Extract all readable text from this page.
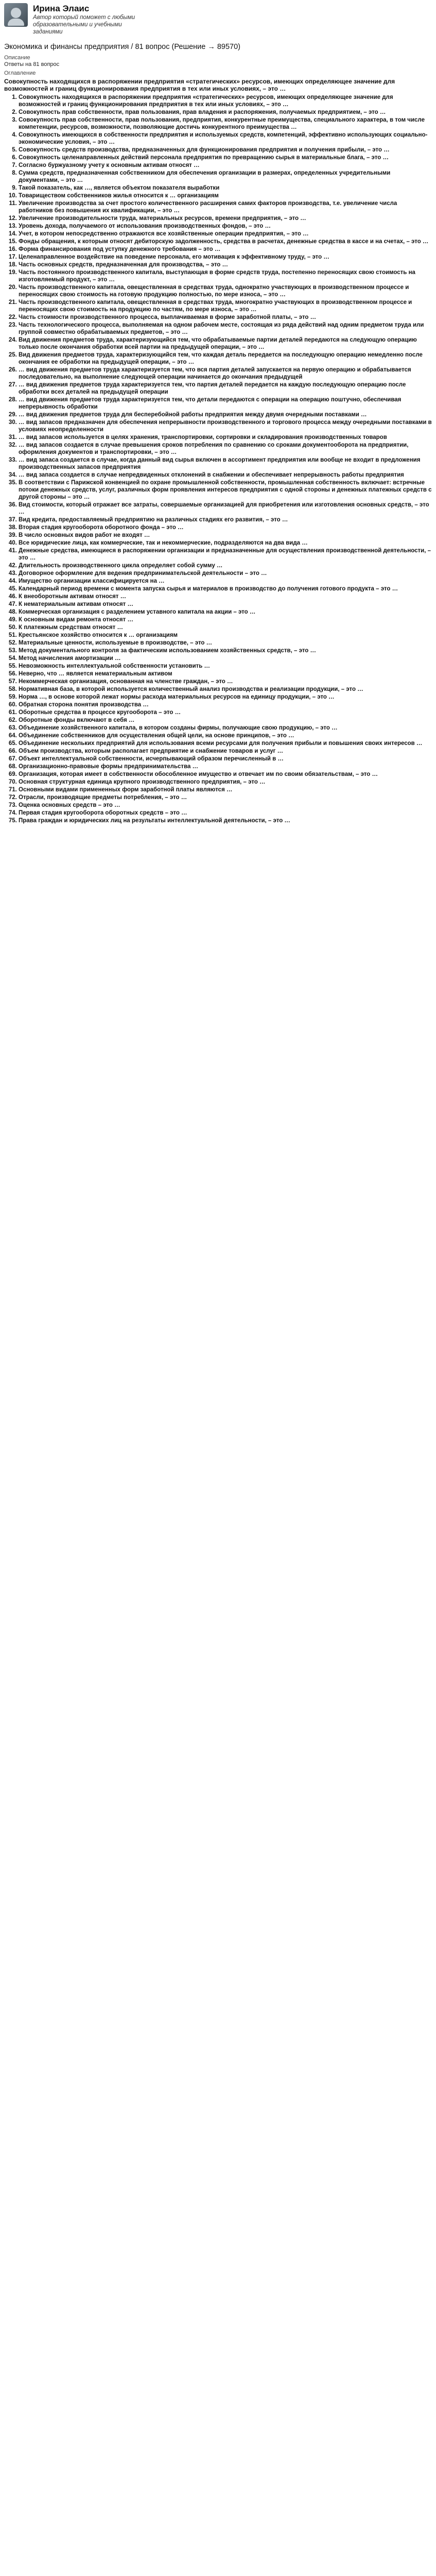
Ирина Элаис
Автор который поможет с любыми образовательными и учебными заданиями
Экономика и финансы предприятия / 81 вопрос (Решение → 89570)
Описание
Ответы на 81 вопрос
Оглавление
Совокупность находящихся в распоряжении предприятия «стратегических» ресурсов, имеющих определяющее значение для возможностей и границ функционирования предприятия в тех или иных условиях, – это …
1. Совокупность находящихся в распоряжении предприятия «стратегических» ресурсов, имеющих определяющее значение для возможностей и границ функционирования предприятия в тех или иных условиях, – это …
2. Совокупность прав собственности, прав пользования, прав владения и распоряжения, получаемых предприятием, – это …
3. Совокупность прав собственности, прав пользования, предприятия, конкурентные преимущества, специального характера, в том числе компетенции, ресурсов, возможности, позволяющие достичь конкурентного преимущества …
4. Совокупность имеющихся в собственности предприятия и используемых средств, компетенций, эффективно использующих социально-экономические условия, – это …
5. Совокупность средств производства, предназначенных для функционирования предприятия и получения прибыли, – это …
6. Совокупность целенаправленных действий персонала предприятия по превращению сырья в материальные блага, – это …
7. Согласно буржуазному учету к основным активам относят …
8. Сумма средств, предназначенная собственником для обеспечения организации в размерах, определенных учредительными документами, – это …
9. Такой показатель, как …, является объектом показателя выработки
10. Товариществом собственников жилья относится к … организациям
11. Увеличение производства за счет простого количественного расширения самих факторов производства, т.е. увеличение числа работников без повышения их квалификации, – это …
12. Увеличение производительности труда, материальных ресурсов, времени предприятия, – это …
13. Уровень дохода, получаемого от использования производственных фондов, – это …
14. Учет, в котором непосредственно отражаются все хозяйственные операции предприятия, – это …
15. Фонды обращения, к которым относят дебиторскую задолженность, средства в расчетах, денежные средства в кассе и на счетах, – это …
16. Форма финансирования под уступку денежного требования – это …
17. Целенаправленное воздействие на поведение персонала, его мотивация к эффективному труду, – это …
18. Часть основных средств, предназначенная для производства, – это …
19. Часть постоянного производственного капитала, выступающая в форме средств труда, постепенно переносящих свою стоимость на изготовляемый продукт, – это …
20. Часть производственного капитала, овеществленная в средствах труда, однократно участвующих в производственном процессе и переносящих свою стоимость на готовую продукцию полностью, по мере износа, – это …
21. Часть производственного капитала, овеществленная в средствах труда, многократно участвующих в производственном процессе и переносящих свою стоимость на продукцию по частям, по мере износа, – это …
22. Часть стоимости производственного процесса, выплачиваемая в форме заработной платы, – это …
23. Часть технологического процесса, выполняемая на одном рабочем месте, состоящая из ряда действий над одним предметом труда или группой совместно обрабатываемых предметов, – это …
24. Вид движения предметов труда, характеризующийся тем, что обрабатываемые партии деталей передаются на следующую операцию только после окончания обработки всей партии на предыдущей операции, – это …
25. Вид движения предметов труда, характеризующийся тем, что каждая деталь передается на последующую операцию немедленно после окончания ее обработки на предыдущей операции, – это …
26. … вид движения предметов труда характеризуется тем, что вся партия деталей запускается на первую операцию и обрабатывается последовательно, на выполнение следующей операции начинается до окончания предыдущей
27. … вид движения предметов труда характеризуется тем, что партия деталей передается на каждую последующую операцию после обработки всех деталей на предыдущей операции
28. … вид движения предметов труда характеризуется тем, что детали передаются с операции на операцию поштучно, обеспечивая непрерывность обработки
29. … вид движения предметов труда для бесперебойной работы предприятия между двумя очередными поставками …
30. … вид запасов предназначен для обеспечения непрерывности производственного и торгового процесса между очередными поставками в условиях неопределенности
31. … вид запасов используется в целях хранения, транспортировки, сортировки и складирования производственных товаров
32. … вид запасов создается в случае превышения сроков потребления по сравнению со сроками документооборота на предприятии, оформления документов и транспортировки, – это …
33. … вид запаса создается в случае, когда данный вид сырья включен в ассортимент предприятия или вообще не входит в предложения производственных запасов предприятия
34. … вид запаса создается в случае непредвиденных отклонений в снабжении и обеспечивает непрерывность работы предприятия
35. В соответствии с Парижской конвенцией по охране промышленной собственности, промышленная собственность включает: встречные потоки денежных средств, услуг, различных форм проявления интересов предприятия с одной стороны и денежных платежных средств с другой стороны – это …
36. Вид стоимости, который отражает все затраты, совершаемые организацией для приобретения или изготовления основных средств, – это …
37. Вид кредита, предоставляемый предприятию на различных стадиях его развития, – это …
38. Вторая стадия кругооборота оборотного фонда – это …
39. В число основных видов работ не входят …
40. Все юридические лица, как коммерческие, так и некоммерческие, подразделяются на два вида …
41. Денежные средства, имеющиеся в распоряжении организации и предназначенные для осуществления производственной деятельности, – это …
42. Длительность производственного цикла определяет собой сумму …
43. Договорное оформление для ведения предпринимательской деятельности – это …
44. Имущество организации классифицируется на …
45. Календарный период времени с момента запуска сырья и материалов в производство до получения готового продукта – это …
46. К внеоборотным активам относят …
47. К нематериальным активам относят …
48. Коммерческая организация с разделением уставного капитала на акции – это …
49. К основным видам ремонта относят …
50. К платежным средствам относят …
51. Крестьянское хозяйство относится к … организациям
52. Материальные ценности, используемые в производстве, – это …
53. Метод документального контроля за фактическим использованием хозяйственных средств, – это …
54. Метод начисления амортизации …
55. Невозможность интеллектуальной собственности установить …
56. Неверно, что … является нематериальным активом
57. Некоммерческая организация, основанная на членстве граждан, – это …
58. Нормативная база, в которой используется количественный анализ производства и реализации продукции, – это …
59. Норма …, в основе которой лежат нормы расхода материальных ресурсов на единицу продукции, – это …
60. Обратная сторона понятия производства …
61. Оборотные средства в процессе кругооборота – это …
62. Оборотные фонды включают в себя …
63. Объединение хозяйственного капитала, в котором созданы фирмы, получающие свою продукцию, – это …
64. Объединение собственников для осуществления общей цели, на основе принципов, – это …
65. Объединение нескольких предприятий для использования всеми ресурсами для получения прибыли и повышения своих интересов …
66. Объем производства, которым располагает предприятие и снабжение товаров и услуг …
67. Объект интеллектуальной собственности, исчерпывающий образом перечисленный в …
68. Организационно-правовые формы предпринимательства …
69. Организация, которая имеет в собственности обособленное имущество и отвечает им по своим обязательствам, – это …
70. Основная структурная единица крупного производственного предприятия, – это …
71. Основными видами примененных форм заработной платы являются …
72. Отрасли, производящие предметы потребления, – это …
73. Оценка основных средств – это …
74. Первая стадия кругооборота оборотных средств – это …
75. Права граждан и юридических лиц на результаты интеллектуальной деятельности, – это …
